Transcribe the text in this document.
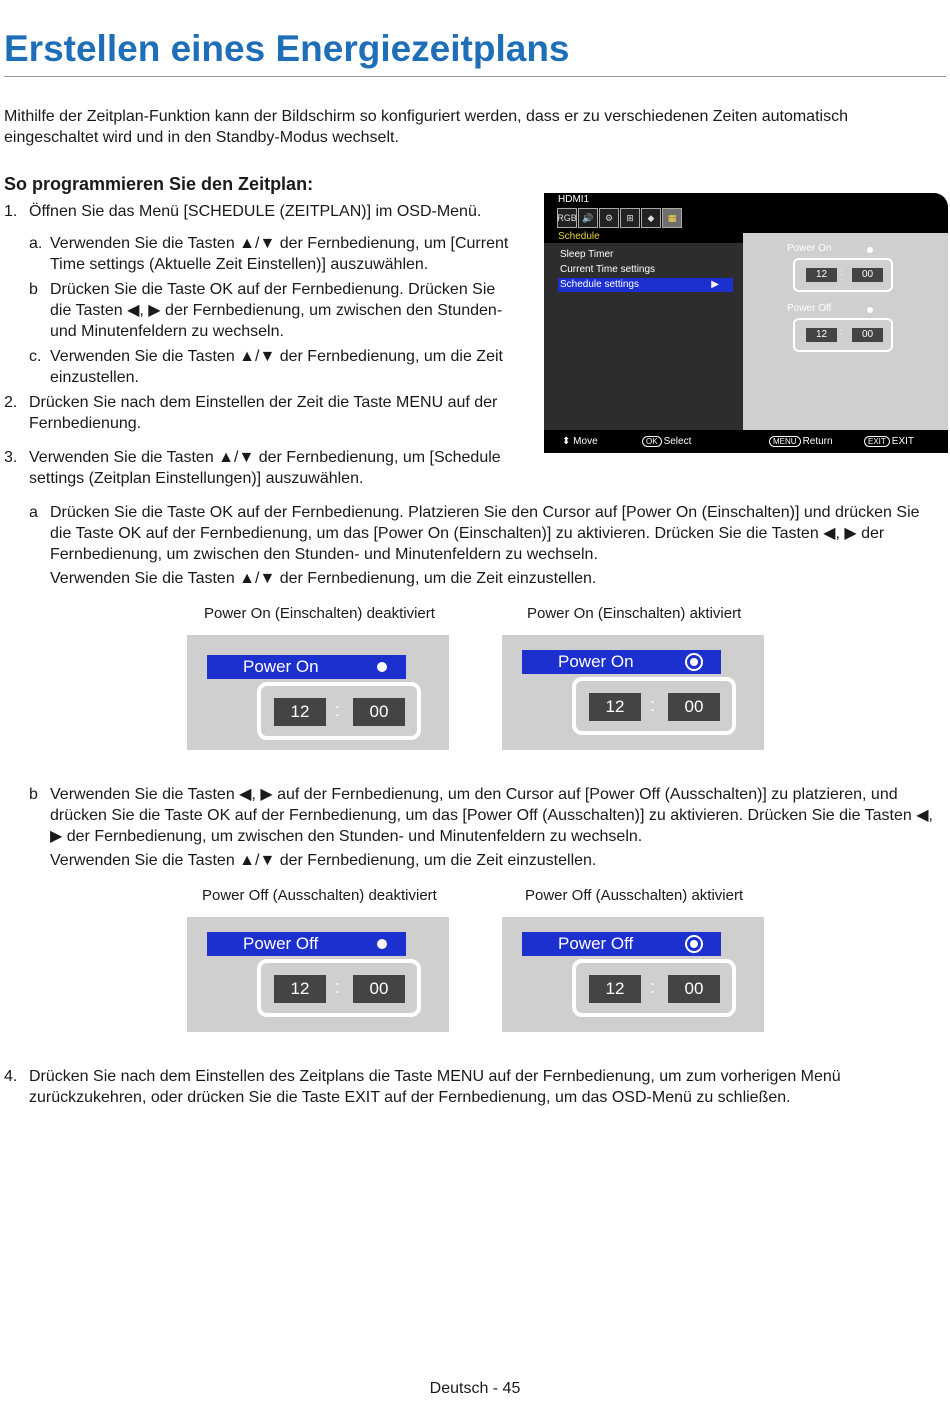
Erstellen eines Energiezeitplans
Mithilfe der Zeitplan-Funktion kann der Bildschirm so konfiguriert werden, dass er zu verschiedenen Zeiten automatisch eingeschaltet wird und in den Standby-Modus wechselt.
So programmieren Sie den Zeitplan:
1. Öffnen Sie das Menü [SCHEDULE (ZEITPLAN)] im OSD-Menü.
a. Verwenden Sie die Tasten ▲/▼ der Fernbedienung, um [Current Time settings (Aktuelle Zeit Einstellen)] auszuwählen.
b Drücken Sie die Taste OK auf der Fernbedienung. Drücken Sie die Tasten ◀, ▶ der Fernbedienung, um zwischen den Stunden- und Minutenfeldern zu wechseln.
c. Verwenden Sie die Tasten ▲/▼ der Fernbedienung, um die Zeit einzustellen.
2. Drücken Sie nach dem Einstellen der Zeit die Taste MENU auf der Fernbedienung.
3. Verwenden Sie die Tasten ▲/▼ der Fernbedienung, um [Schedule settings (Zeitplan Einstellungen)] auszuwählen.
a Drücken Sie die Taste OK auf der Fernbedienung. Platzieren Sie den Cursor auf [Power On (Einschalten)] und drücken Sie die Taste OK auf der Fernbedienung, um das [Power On (Einschalten)] zu aktivieren. Drücken Sie die Tasten ◀, ▶ der Fernbedienung, um zwischen den Stunden- und Minutenfeldern zu wechseln.
Verwenden Sie die Tasten ▲/▼ der Fernbedienung, um die Zeit einzustellen.
HDMI1
RGB 🔊	⚙	⊞	◆	▦
Schedule
Power On
12	:	00
Power Off
12	:	00
Sleep Timer
Current Time settings
Schedule settings	▶
⬍ Move	OK Select	MENU Return	EXIT EXIT
Power On (Einschalten) deaktiviert	Power On (Einschalten) aktiviert
Power On
12	:	00
Power On
12	:	00
b Verwenden Sie die Tasten ◀, ▶ auf der Fernbedienung, um den Cursor auf [Power Off (Ausschalten)] zu platzieren, und drücken Sie die Taste OK auf der Fernbedienung, um das [Power Off (Ausschalten)] zu aktivieren. Drücken Sie die Tasten ◀, ▶ der Fernbedienung, um zwischen den Stunden- und Minutenfeldern zu wechseln.
Verwenden Sie die Tasten ▲/▼ der Fernbedienung, um die Zeit einzustellen.
Power Off (Ausschalten) deaktiviert	Power Off (Ausschalten) aktiviert
Power Off
12	:	00
Power Off
12	:	00
4. Drücken Sie nach dem Einstellen des Zeitplans die Taste MENU auf der Fernbedienung, um zum vorherigen Menü zurückzukehren, oder drücken Sie die Taste EXIT auf der Fernbedienung, um das OSD-Menü zu schließen.
Deutsch - 45
